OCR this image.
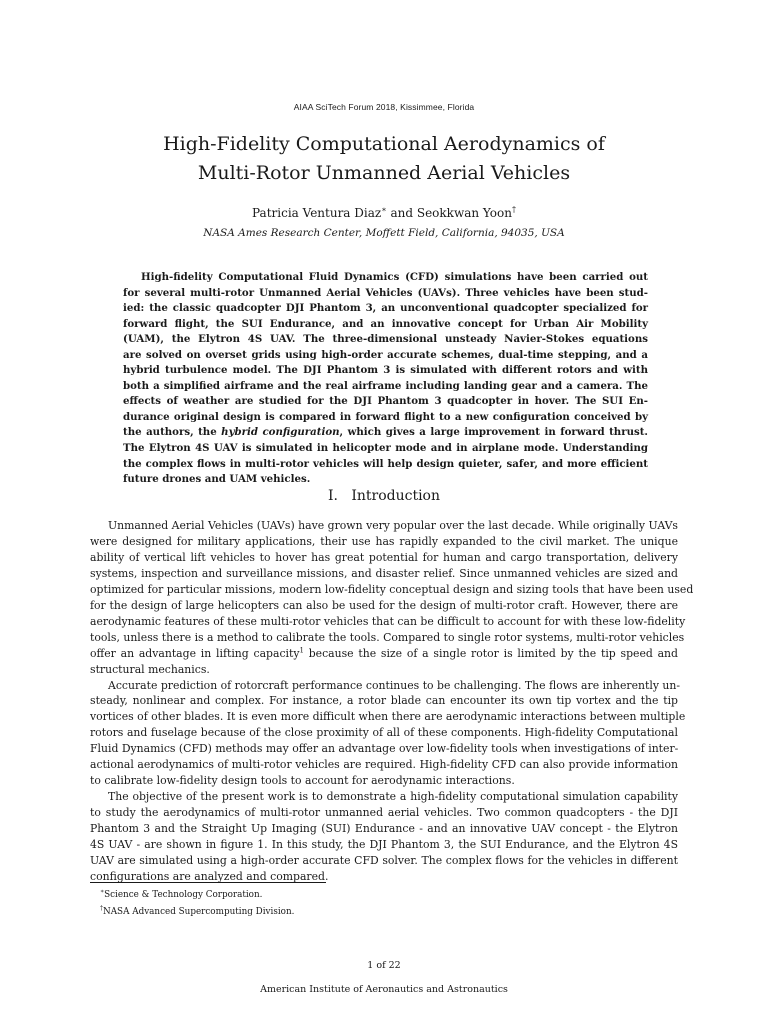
AIAA SciTech Forum 2018, Kissimmee, Florida
High-Fidelity Computational Aerodynamics of
Multi-Rotor Unmanned Aerial Vehicles
Patricia Ventura Diaz∗ and Seokkwan Yoon†
NASA Ames Research Center, Moffett Field, California, 94035, USA
High-fidelity Computational Fluid Dynamics (CFD) simulations have been carried out
for several multi-rotor Unmanned Aerial Vehicles (UAVs). Three vehicles have been stud-
ied: the classic quadcopter DJI Phantom 3, an unconventional quadcopter specialized for
forward flight, the SUI Endurance, and an innovative concept for Urban Air Mobility
(UAM), the Elytron 4S UAV. The three-dimensional unsteady Navier-Stokes equations
are solved on overset grids using high-order accurate schemes, dual-time stepping, and a
hybrid turbulence model. The DJI Phantom 3 is simulated with different rotors and with
both a simplified airframe and the real airframe including landing gear and a camera. The
effects of weather are studied for the DJI Phantom 3 quadcopter in hover. The SUI En-
durance original design is compared in forward flight to a new configuration conceived by
the authors, the hybrid configuration, which gives a large improvement in forward thrust.
The Elytron 4S UAV is simulated in helicopter mode and in airplane mode. Understanding
the complex flows in multi-rotor vehicles will help design quieter, safer, and more efficient
future drones and UAM vehicles.
I. Introduction
Unmanned Aerial Vehicles (UAVs) have grown very popular over the last decade. While originally UAVs
were designed for military applications, their use has rapidly expanded to the civil market. The unique
ability of vertical lift vehicles to hover has great potential for human and cargo transportation, delivery
systems, inspection and surveillance missions, and disaster relief. Since unmanned vehicles are sized and
optimized for particular missions, modern low-fidelity conceptual design and sizing tools that have been used
for the design of large helicopters can also be used for the design of multi-rotor craft. However, there are
aerodynamic features of these multi-rotor vehicles that can be difficult to account for with these low-fidelity
tools, unless there is a method to calibrate the tools. Compared to single rotor systems, multi-rotor vehicles
offer an advantage in lifting capacity$^1$ because the size of a single rotor is limited by the tip speed and
structural mechanics.
Accurate prediction of rotorcraft performance continues to be challenging. The flows are inherently un-
steady, nonlinear and complex. For instance, a rotor blade can encounter its own tip vortex and the tip
vortices of other blades. It is even more difficult when there are aerodynamic interactions between multiple
rotors and fuselage because of the close proximity of all of these components. High-fidelity Computational
Fluid Dynamics (CFD) methods may offer an advantage over low-fidelity tools when investigations of inter-
actional aerodynamics of multi-rotor vehicles are required. High-fidelity CFD can also provide information
to calibrate low-fidelity design tools to account for aerodynamic interactions.
The objective of the present work is to demonstrate a high-fidelity computational simulation capability
to study the aerodynamics of multi-rotor unmanned aerial vehicles. Two common quadcopters - the DJI
Phantom 3 and the Straight Up Imaging (SUI) Endurance - and an innovative UAV concept - the Elytron
4S UAV - are shown in figure 1. In this study, the DJI Phantom 3, the SUI Endurance, and the Elytron 4S
UAV are simulated using a high-order accurate CFD solver. The complex flows for the vehicles in different
configurations are analyzed and compared.
∗Science & Technology Corporation.
†NASA Advanced Supercomputing Division.
1 of 22
American Institute of Aeronautics and Astronautics
